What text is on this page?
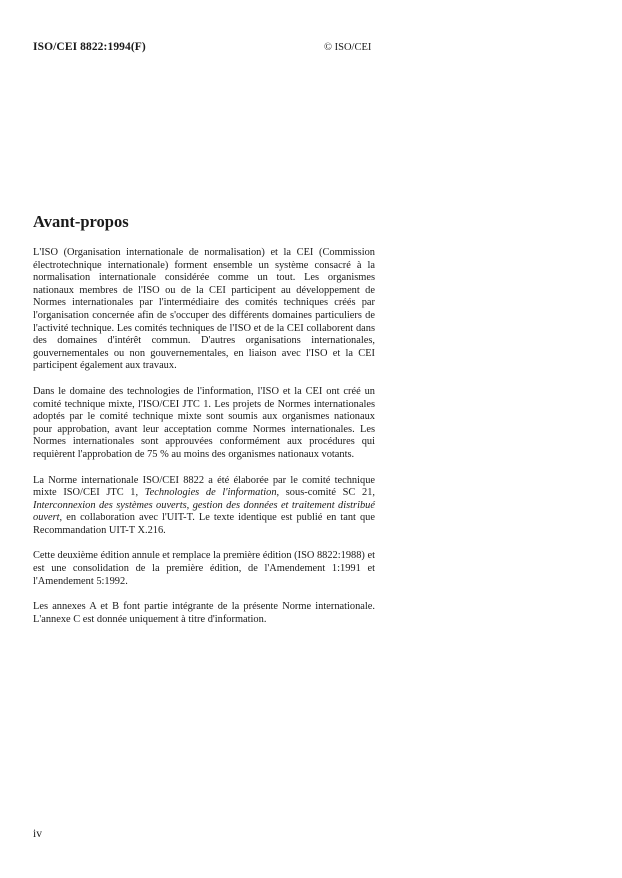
ISO/CEI 8822:1994(F)	© ISO/CEI
Avant-propos

L'ISO (Organisation internationale de normalisation) et la CEI (Commission électrotechnique internationale) forment ensemble un système consacré à la normalisation internationale considérée comme un tout. Les organismes nationaux membres de l'ISO ou de la CEI participent au développement de Normes internationales par l'intermédiaire des comités techniques créés par l'organisation concernée afin de s'occuper des différents domaines particuliers de l'activité technique. Les comités techniques de l'ISO et de la CEI collaborent dans des domaines d'intérêt commun. D'autres organisations internationales, gouvernementales ou non gouvernementales, en liaison avec l'ISO et la CEI participent également aux travaux.

Dans le domaine des technologies de l'information, l'ISO et la CEI ont créé un comité technique mixte, l'ISO/CEI JTC 1. Les projets de Normes internationales adoptés par le comité technique mixte sont soumis aux organismes nationaux pour approbation, avant leur acceptation comme Normes internationales. Les Normes internationales sont approuvées conformément aux procédures qui requièrent l'approbation de 75 % au moins des organismes nationaux votants.

La Norme internationale ISO/CEI 8822 a été élaborée par le comité technique mixte ISO/CEI JTC 1, Technologies de l'information, sous-comité SC 21, Interconnexion des systèmes ouverts, gestion des données et traitement distribué ouvert, en collaboration avec l'UIT-T. Le texte identique est publié en tant que Recommandation UIT-T X.216.

Cette deuxième édition annule et remplace la première édition (ISO 8822:1988) et est une consolidation de la première édition, de l'Amendement 1:1991 et l'Amendement 5:1992.

Les annexes A et B font partie intégrante de la présente Norme internationale. L'annexe C est donnée uniquement à titre d'information.

iv
